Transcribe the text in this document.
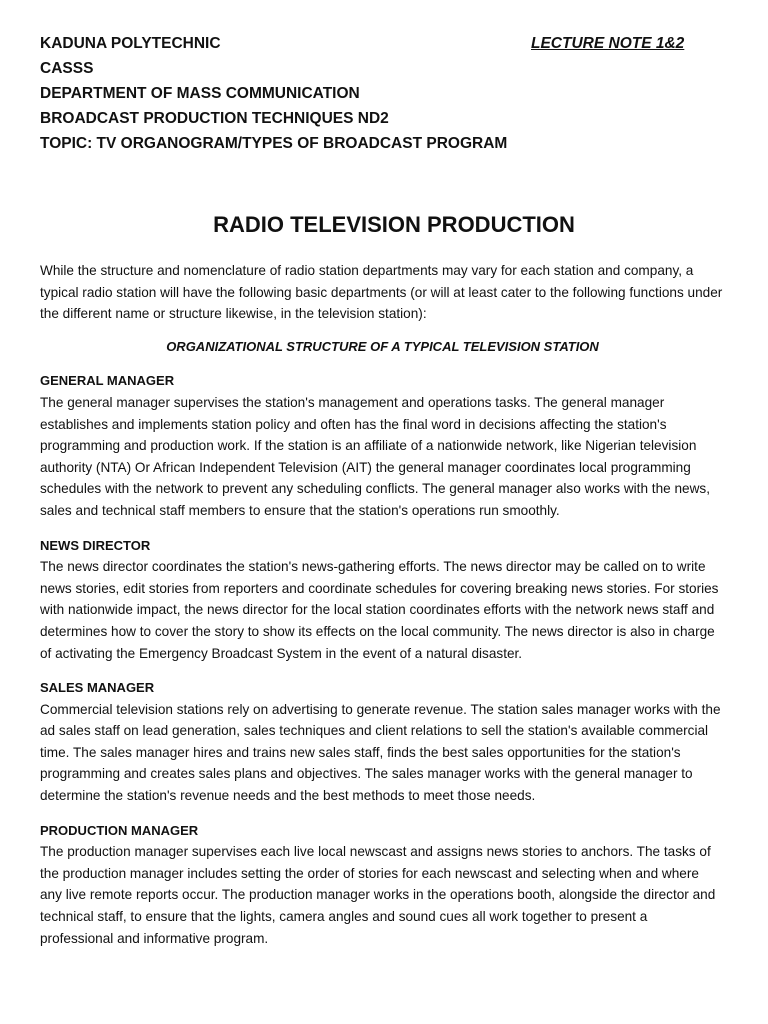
KADUNA POLYTECHNIC	LECTURE NOTE 1&2
CASSS
DEPARTMENT OF MASS COMMUNICATION
BROADCAST PRODUCTION TECHNIQUES ND2
TOPIC: TV ORGANOGRAM/TYPES OF BROADCAST PROGRAM
RADIO TELEVISION PRODUCTION
While the structure and nomenclature of radio station departments may vary for each station and company, a typical radio station will have the following basic departments (or will at least cater to the following functions under the different name or structure likewise, in the television station):
ORGANIZATIONAL STRUCTURE OF A TYPICAL TELEVISION STATION
GENERAL MANAGER
The general manager supervises the station's management and operations tasks. The general manager establishes and implements station policy and often has the final word in decisions affecting the station's programming and production work. If the station is an affiliate of a nationwide network, like Nigerian television authority (NTA) Or African Independent Television (AIT) the general manager coordinates local programming schedules with the network to prevent any scheduling conflicts. The general manager also works with the news, sales and technical staff members to ensure that the station's operations run smoothly.
NEWS DIRECTOR
The news director coordinates the station's news-gathering efforts. The news director may be called on to write news stories, edit stories from reporters and coordinate schedules for covering breaking news stories. For stories with nationwide impact, the news director for the local station coordinates efforts with the network news staff and determines how to cover the story to show its effects on the local community. The news director is also in charge of activating the Emergency Broadcast System in the event of a natural disaster.
SALES MANAGER
Commercial television stations rely on advertising to generate revenue. The station sales manager works with the ad sales staff on lead generation, sales techniques and client relations to sell the station's available commercial time. The sales manager hires and trains new sales staff, finds the best sales opportunities for the station's programming and creates sales plans and objectives. The sales manager works with the general manager to determine the station's revenue needs and the best methods to meet those needs.
PRODUCTION MANAGER
The production manager supervises each live local newscast and assigns news stories to anchors. The tasks of the production manager includes setting the order of stories for each newscast and selecting when and where any live remote reports occur. The production manager works in the operations booth, alongside the director and technical staff, to ensure that the lights, camera angles and sound cues all work together to present a professional and informative program.
